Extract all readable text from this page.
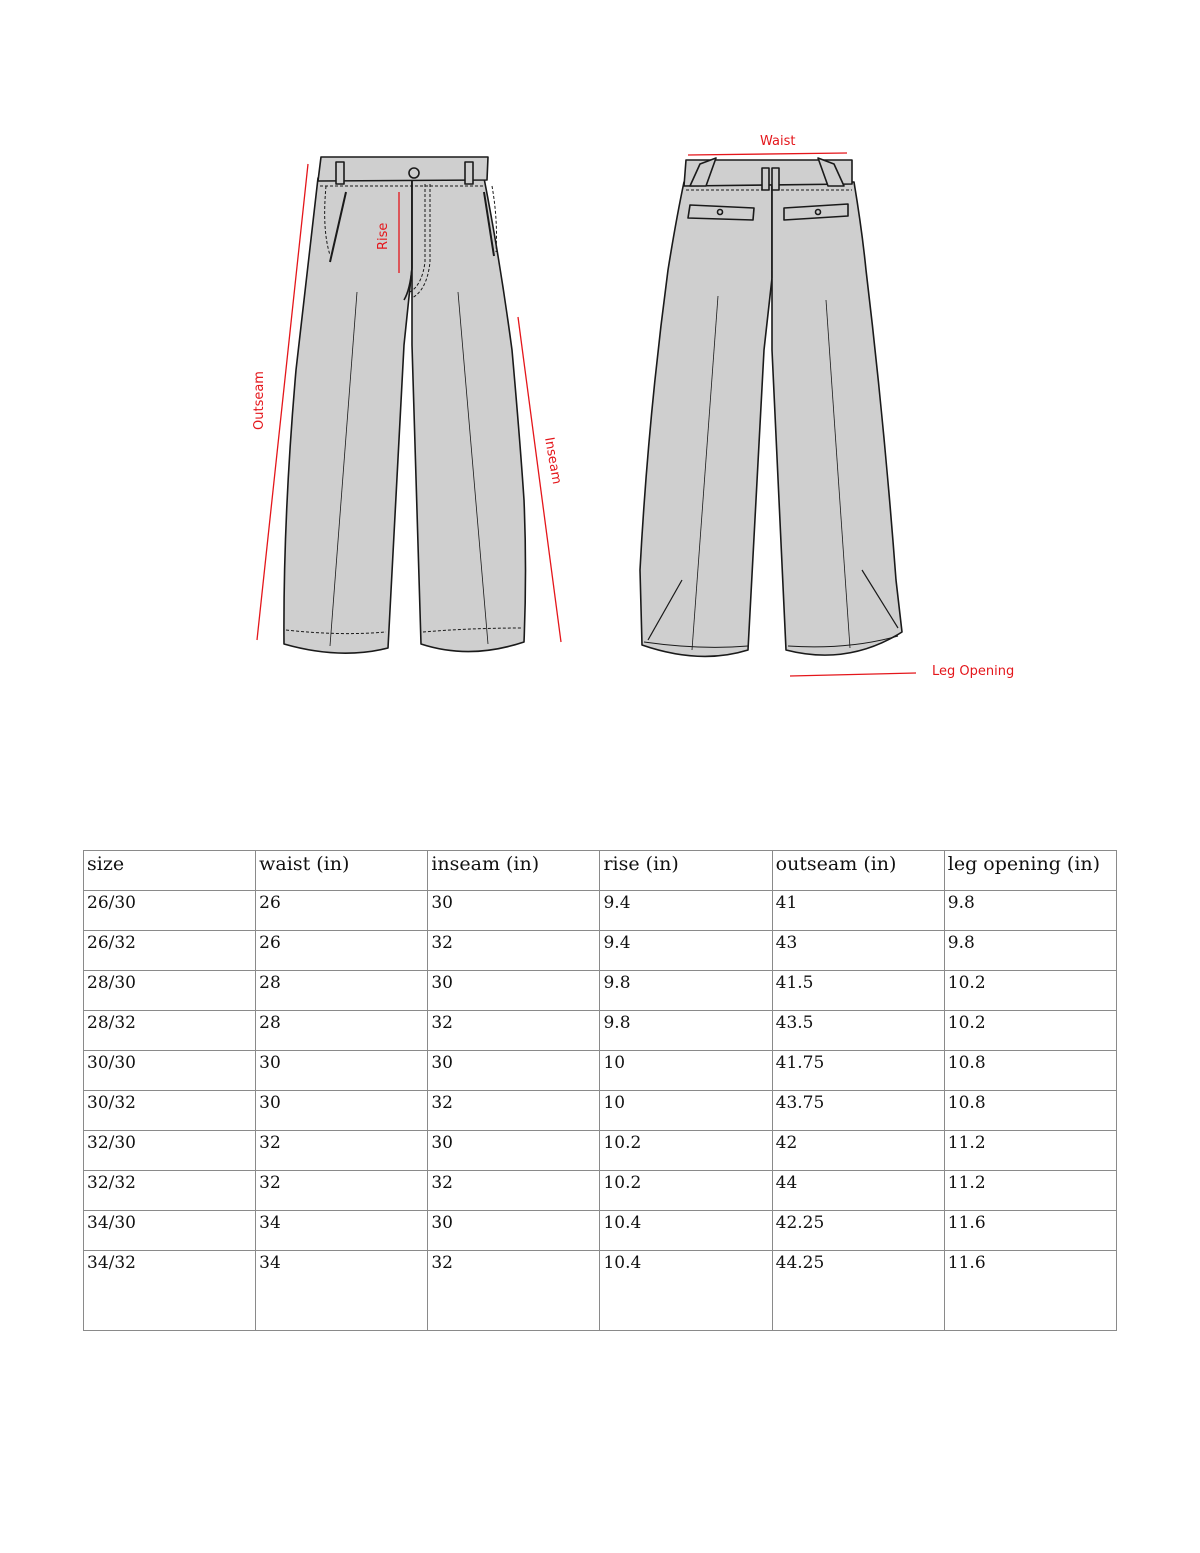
Waist
Rise
Outseam
Inseam
Leg Opening
size	waist (in)	inseam (in)	rise (in)	outseam (in)	leg opening (in)
26/30	26	30	9.4	41	9.8
26/32	26	32	9.4	43	9.8
28/30	28	30	9.8	41.5	10.2
28/32	28	32	9.8	43.5	10.2
30/30	30	30	10	41.75	10.8
30/32	30	32	10	43.75	10.8
32/30	32	30	10.2	42	11.2
32/32	32	32	10.2	44	11.2
34/30	34	30	10.4	42.25	11.6
34/32	34	32	10.4	44.25	11.6
